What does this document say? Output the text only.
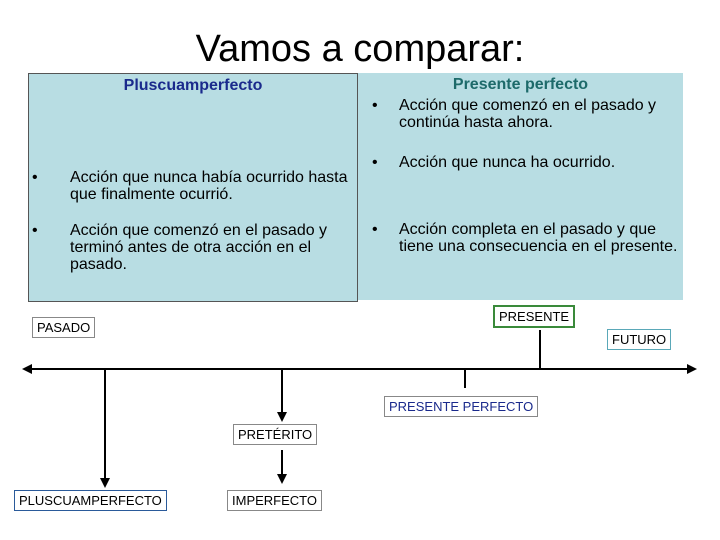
Vamos a comparar:
Pluscuamperfecto
• Acción que nunca había ocurrido hasta que finalmente ocurrió.
• Acción que comenzó en el pasado y terminó antes de otra acción en el pasado.
Presente perfecto
• Acción que comenzó en el pasado y continúa hasta ahora.
• Acción que nunca ha ocurrido.
• Acción completa en el pasado y que tiene una consecuencia en el presente.
PASADO
PRESENTE
FUTURO
PRESENTE PERFECTO
PRETÉRITO
IMPERFECTO
PLUSCUAMPERFECTO
